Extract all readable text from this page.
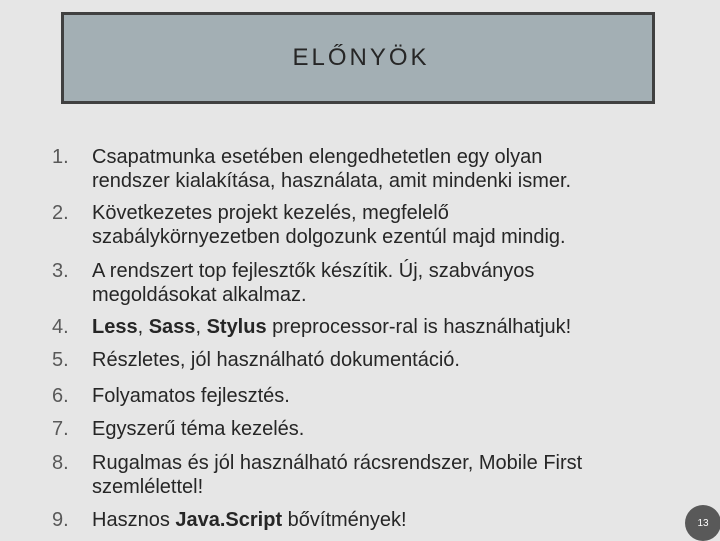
ELŐNYÖK
1. Csapatmunka esetében elengedhetetlen egy olyan
rendszer kialakítása, használata, amit mindenki ismer.
2. Következetes projekt kezelés, megfelelő
szabálykörnyezetben dolgozunk ezentúl majd mindig.
3. A rendszert top fejlesztők készítik. Új, szabványos
megoldásokat alkalmaz.
4. Less, Sass, Stylus preprocessor-ral is használhatjuk!
5. Részletes, jól használható dokumentáció.
6. Folyamatos fejlesztés.
7. Egyszerű téma kezelés.
8. Rugalmas és jól használható rácsrendszer, Mobile First
szemlélettel!
9. Hasznos Java.Script bővítmények!	13
